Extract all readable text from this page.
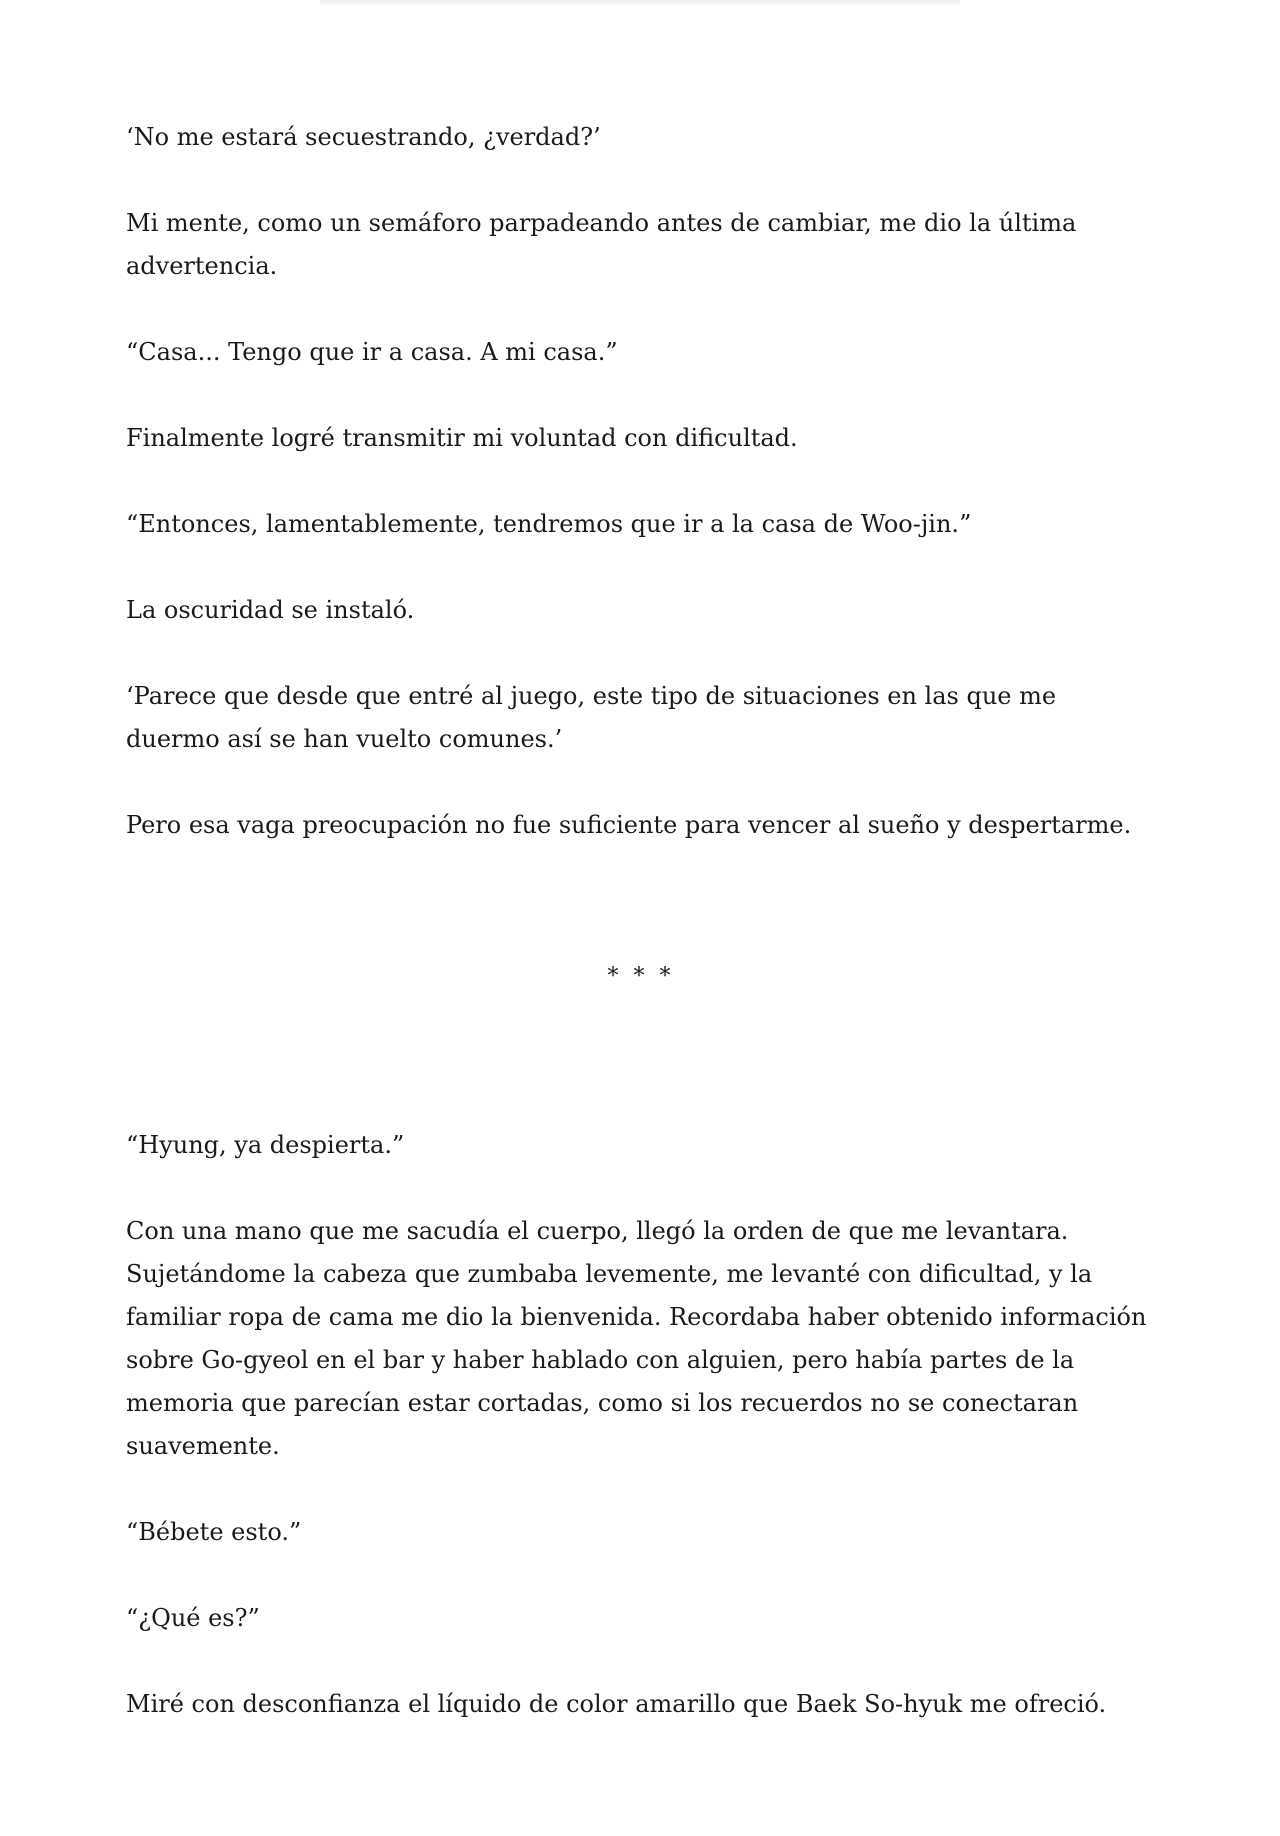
‘No me estará secuestrando, ¿verdad?’

Mi mente, como un semáforo parpadeando antes de cambiar, me dio la última advertencia.

“Casa... Tengo que ir a casa. A mi casa.”

Finalmente logré transmitir mi voluntad con dificultad.

“Entonces, lamentablemente, tendremos que ir a la casa de Woo-jin.”

La oscuridad se instaló.

‘Parece que desde que entré al juego, este tipo de situaciones en las que me duermo así se han vuelto comunes.’

Pero esa vaga preocupación no fue suficiente para vencer al sueño y despertarme.

* * *

“Hyung, ya despierta.”

Con una mano que me sacudía el cuerpo, llegó la orden de que me levantara. Sujetándome la cabeza que zumbaba levemente, me levanté con dificultad, y la familiar ropa de cama me dio la bienvenida. Recordaba haber obtenido información sobre Go-gyeol en el bar y haber hablado con alguien, pero había partes de la memoria que parecían estar cortadas, como si los recuerdos no se conectaran suavemente.

“Bébete esto.”

“¿Qué es?”

Miré con desconfianza el líquido de color amarillo que Baek So-hyuk me ofreció.
